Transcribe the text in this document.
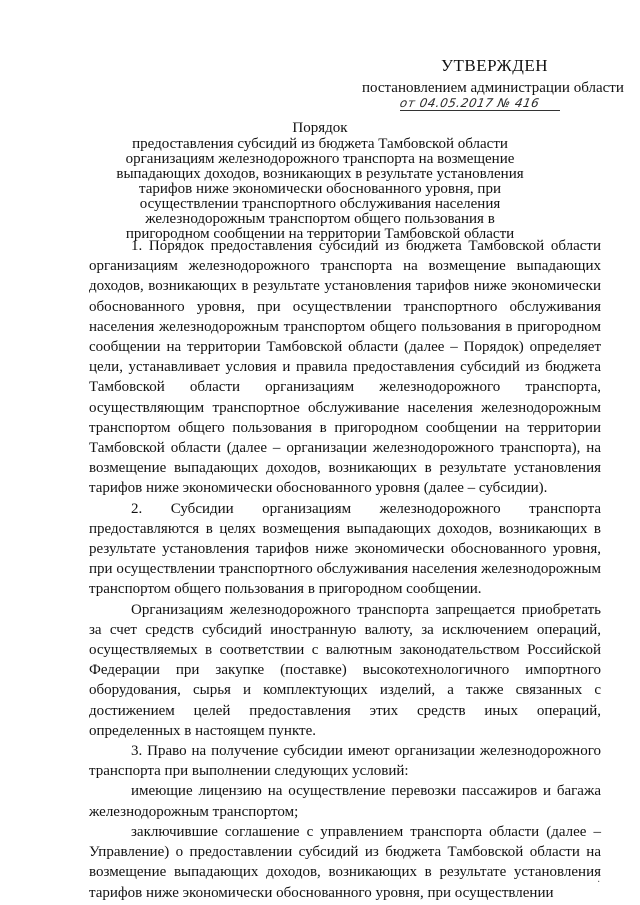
УТВЕРЖДЕН
постановлением администрации области
от 04.05.2017 № 416
Порядок
предоставления субсидий из бюджета Тамбовской области организациям железнодорожного транспорта на возмещение выпадающих доходов, возникающих в результате установления тарифов ниже экономически обоснованного уровня, при осуществлении транспортного обслуживания населения железнодорожным транспортом общего пользования в пригородном сообщении на территории Тамбовской области

1. Порядок предоставления субсидий из бюджета Тамбовской области организациям железнодорожного транспорта на возмещение выпадающих доходов, возникающих в результате установления тарифов ниже экономически обоснованного уровня, при осуществлении транспортного обслуживания населения железнодорожным транспортом общего пользования в пригородном сообщении на территории Тамбовской области (далее – Порядок) определяет цели, устанавливает условия и правила предоставления субсидий из бюджета Тамбовской области организациям железнодорожного транспорта, осуществляющим транспортное обслуживание населения железнодорожным транспортом общего пользования в пригородном сообщении на территории Тамбовской области (далее – организации железнодорожного транспорта), на возмещение выпадающих доходов, возникающих в результате установления тарифов ниже экономически обоснованного уровня (далее – субсидии).

2. Субсидии организациям железнодорожного транспорта предоставляются в целях возмещения выпадающих доходов, возникающих в результате установления тарифов ниже экономически обоснованного уровня, при осуществлении транспортного обслуживания населения железнодорожным транспортом общего пользования в пригородном сообщении.

Организациям железнодорожного транспорта запрещается приобретать за счет средств субсидий иностранную валюту, за исключением операций, осуществляемых в соответствии с валютным законодательством Российской Федерации при закупке (поставке) высокотехнологичного импортного оборудования, сырья и комплектующих изделий, а также связанных с достижением целей предоставления этих средств иных операций, определенных в настоящем пункте.

3. Право на получение субсидии имеют организации железнодорожного транспорта при выполнении следующих условий:

имеющие лицензию на осуществление перевозки пассажиров и багажа железнодорожным транспортом;

заключившие соглашение с управлением транспорта области (далее – Управление) о предоставлении субсидий из бюджета Тамбовской области на возмещение выпадающих доходов, возникающих в результате установления тарифов ниже экономически обоснованного уровня, при осуществлении

·
